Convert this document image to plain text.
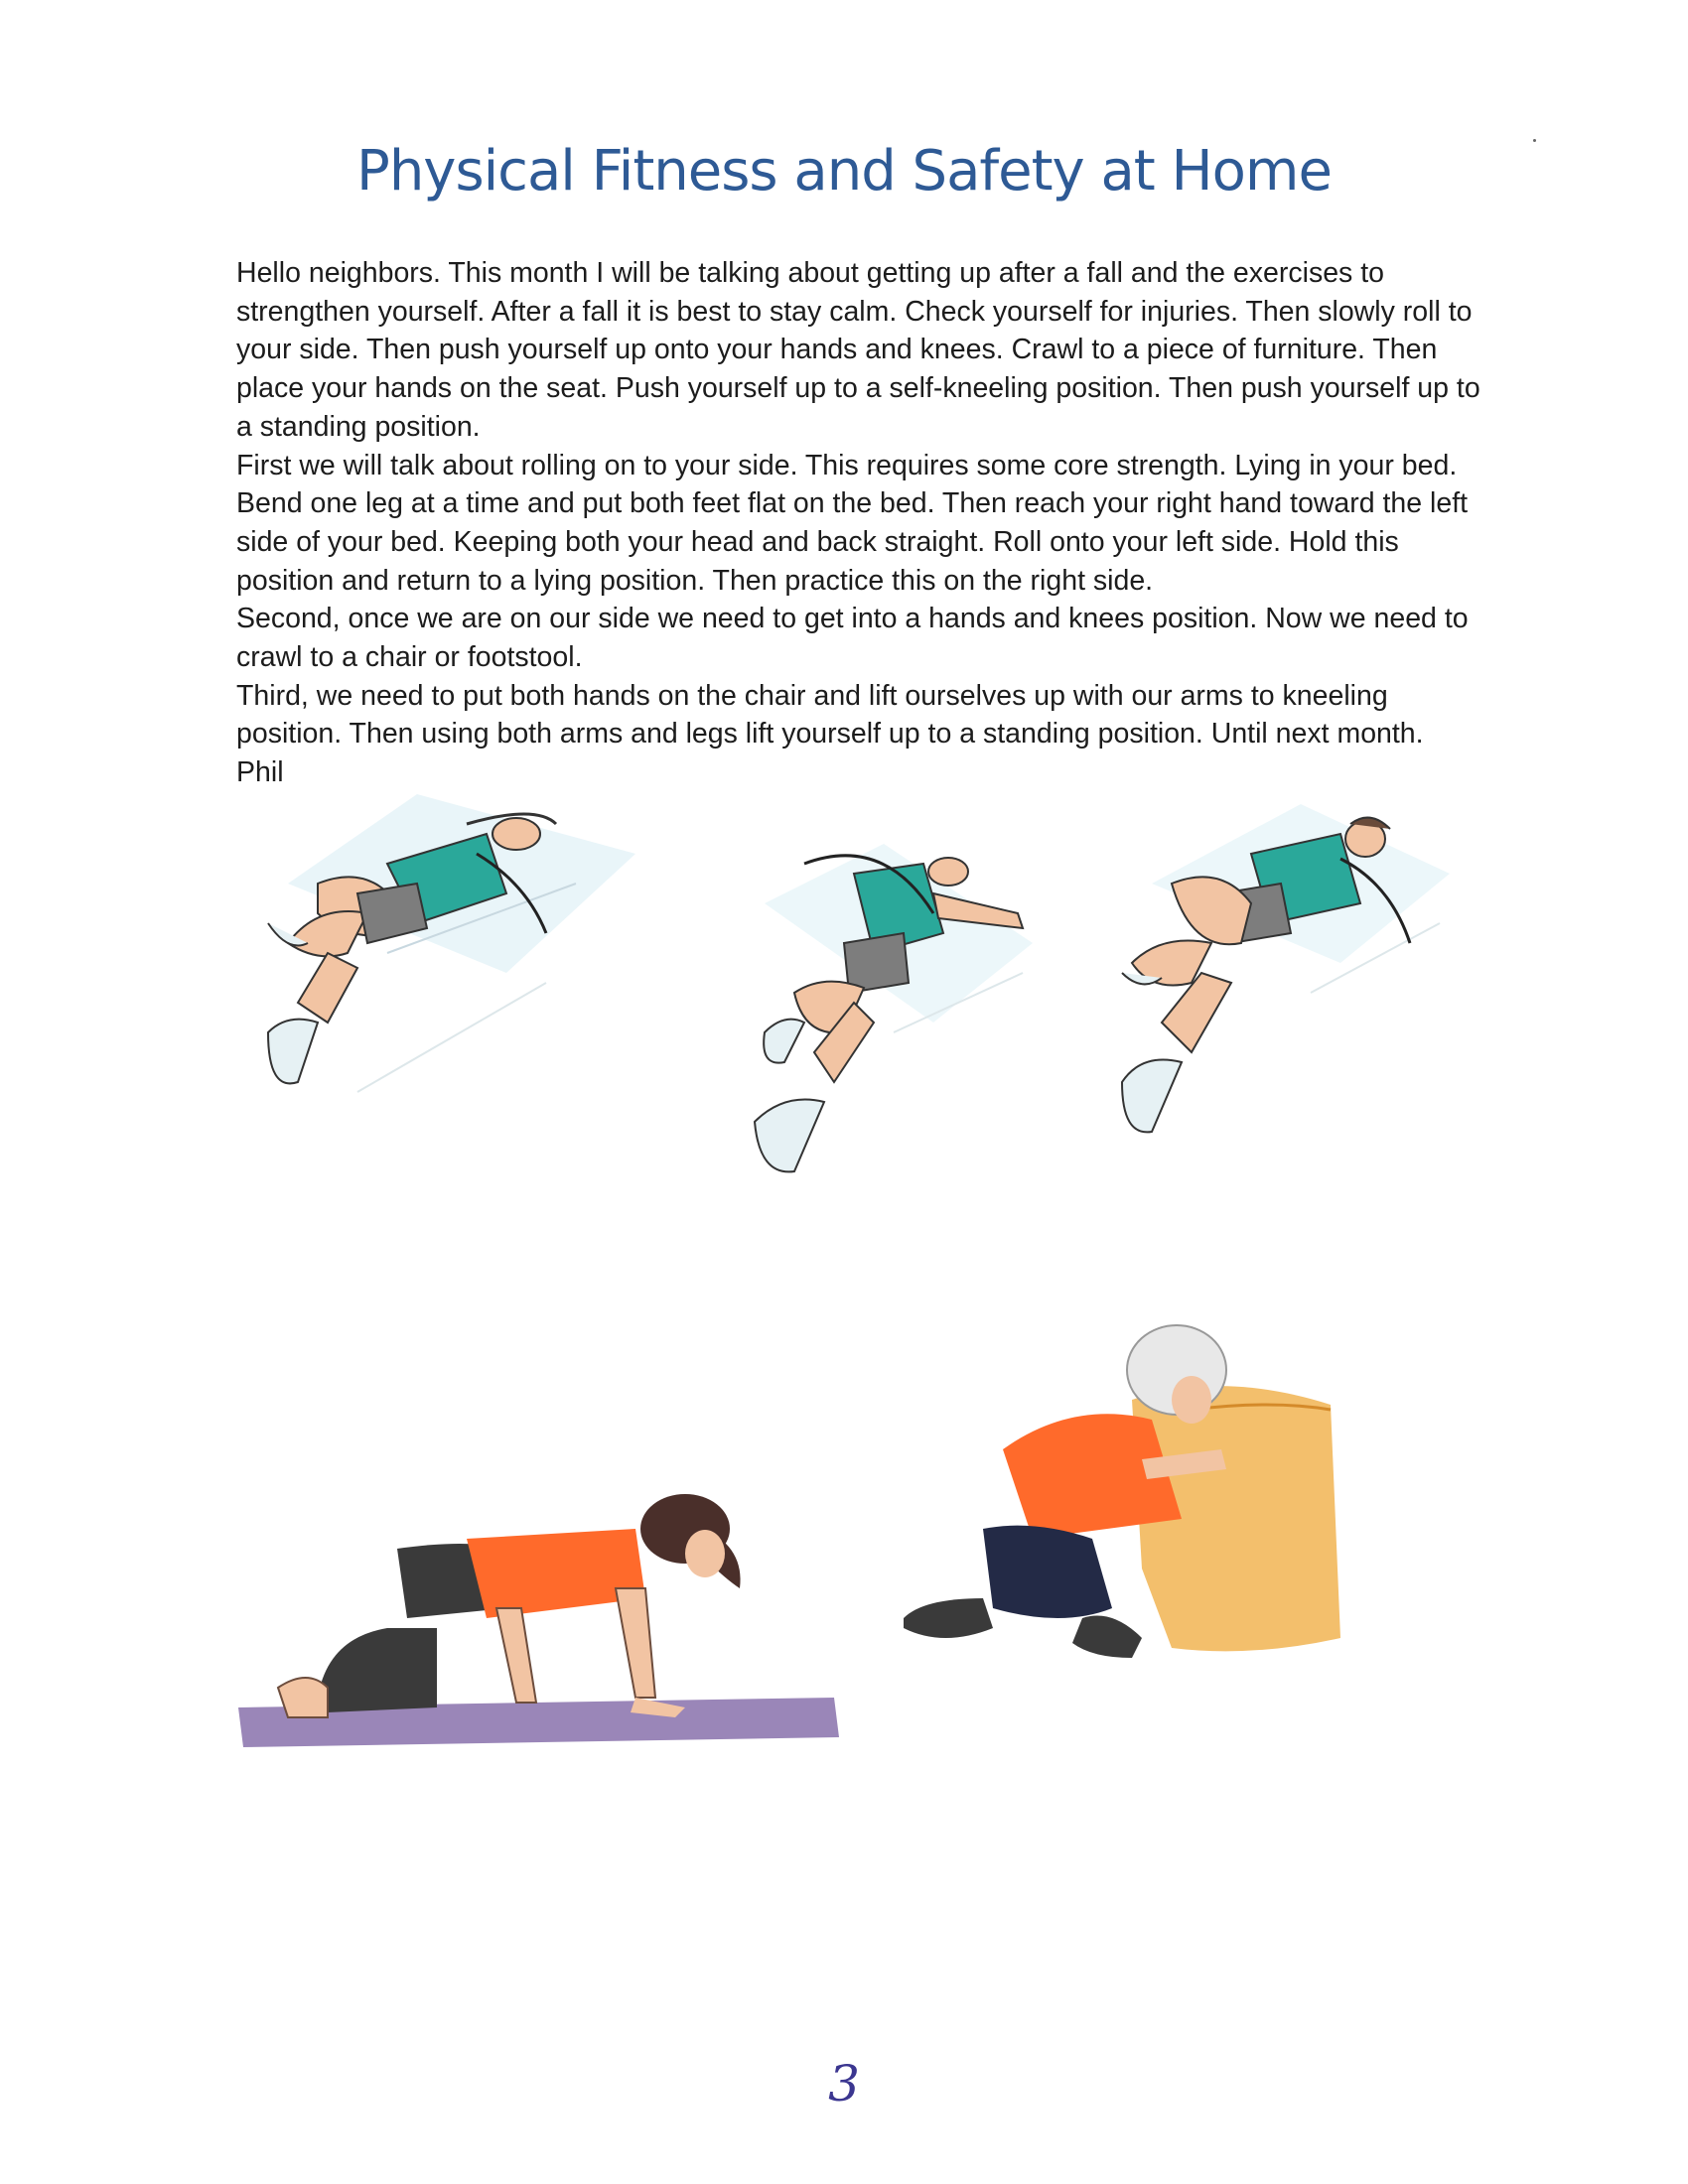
Physical Fitness and Safety at Home

Hello neighbors. This month I will be talking about getting up after a fall and the exercises to strengthen yourself. After a fall it is best to stay calm. Check yourself for injuries. Then slowly roll to your side. Then push yourself up onto your hands and knees. Crawl to a piece of furniture. Then place your hands on the seat. Push yourself up to a self-kneeling position. Then push yourself up to a standing position.

First we will talk about rolling on to your side. This requires some core strength. Lying in your bed. Bend one leg at a time and put both feet flat on the bed. Then reach your right hand toward the left side of your bed. Keeping both your head and back straight. Roll onto your left side. Hold this position and return to a lying position. Then practice this on the right side.

Second, once we are on our side we need to get into a hands and knees position. Now we need to crawl to a chair or footstool.

Third, we need to put both hands on the chair and lift ourselves up with our arms to kneeling position. Then using both arms and legs lift yourself up to a standing position. Until next month.

Phil

3
